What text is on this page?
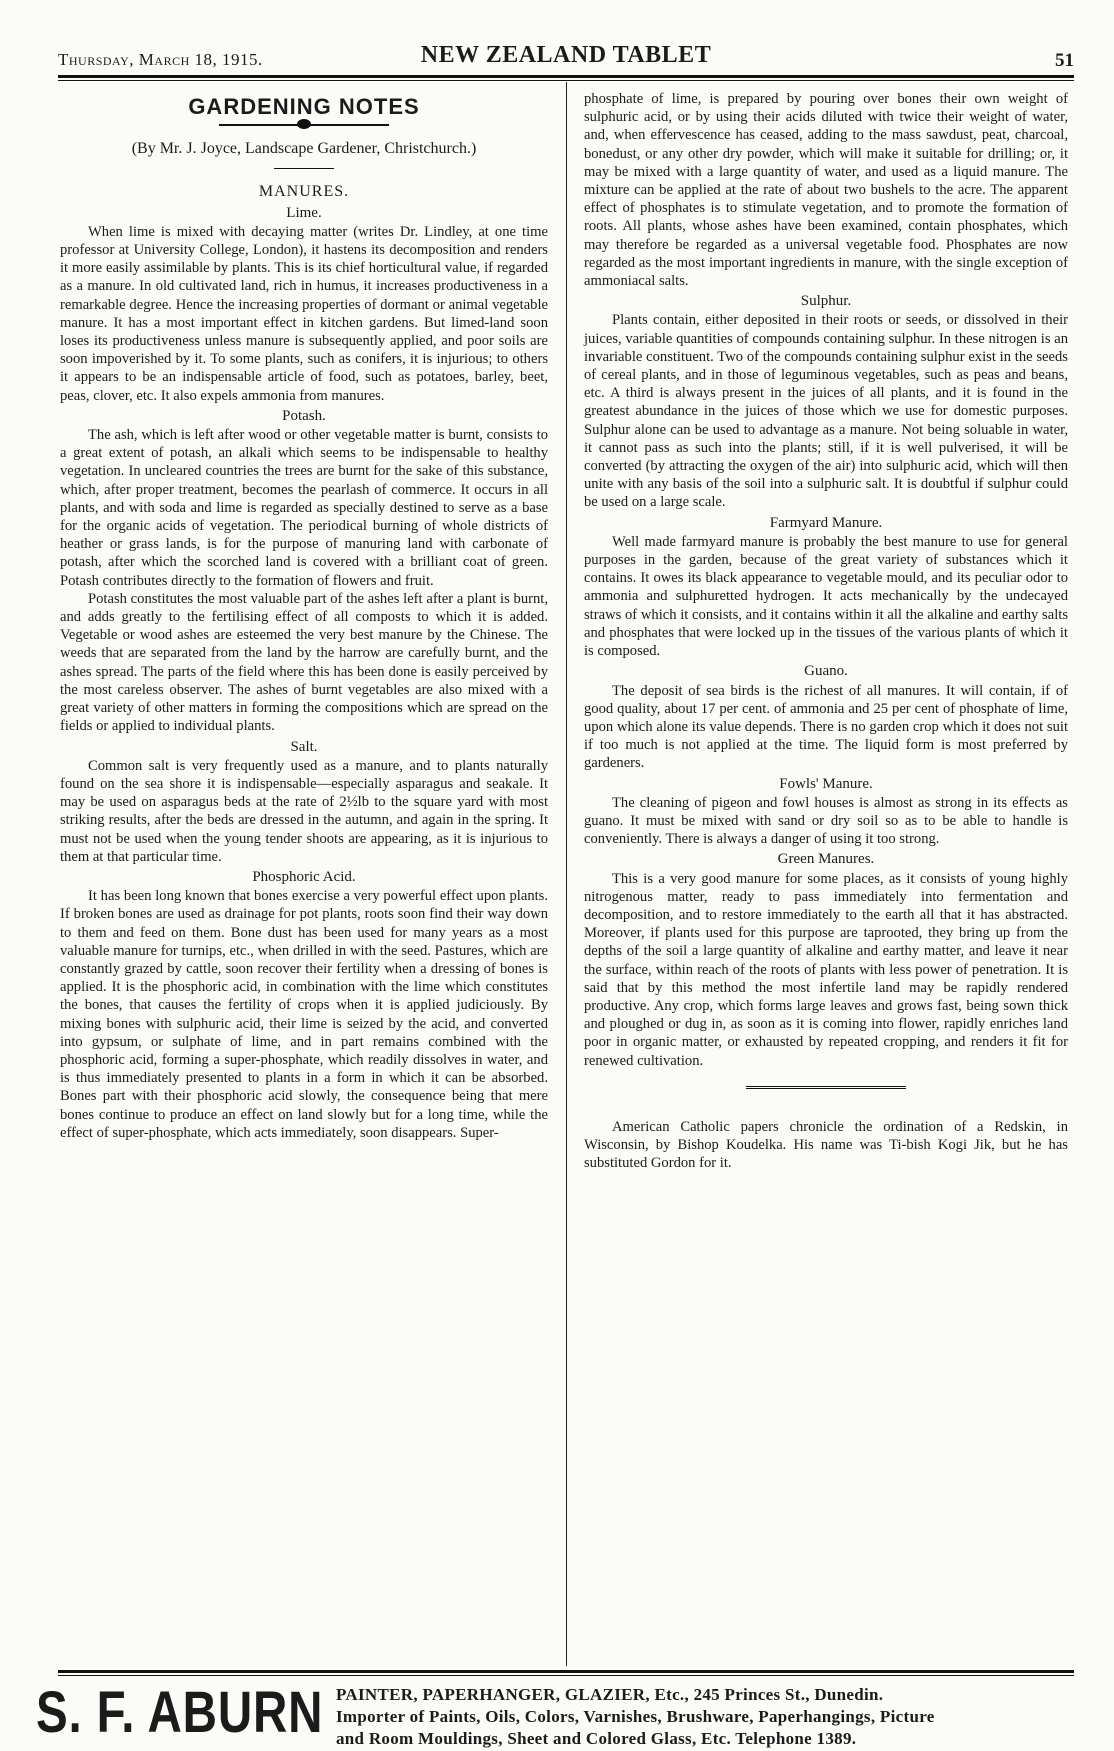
Thursday, March 18, 1915.	NEW ZEALAND TABLET	51
GARDENING NOTES
(By Mr. J. Joyce, Landscape Gardener, Christchurch.)
MANURES.
Lime.

When lime is mixed with decaying matter (writes Dr. Lindley, at one time professor at University College, London), it hastens its decomposition and renders it more easily assimilable by plants. This is its chief horticultural value, if regarded as a manure. In old cultivated land, rich in humus, it increases productiveness in a remarkable degree. Hence the increasing properties of dormant or animal vegetable manure. It has a most important effect in kitchen gardens. But limed-land soon loses its productiveness unless manure is subsequently applied, and poor soils are soon impoverished by it. To some plants, such as conifers, it is injurious; to others it appears to be an indispensable article of food, such as potatoes, barley, beet, peas, clover, etc. It also expels ammonia from manures.

Potash.

The ash, which is left after wood or other vegetable matter is burnt, consists to a great extent of potash, an alkali which seems to be indispensable to healthy vegetation. In uncleared countries the trees are burnt for the sake of this substance, which, after proper treatment, becomes the pearlash of commerce. It occurs in all plants, and with soda and lime is regarded as specially destined to serve as a base for the organic acids of vegetation. The periodical burning of whole districts of heather or grass lands, is for the purpose of manuring land with carbonate of potash, after which the scorched land is covered with a brilliant coat of green. Potash contributes directly to the formation of flowers and fruit.

Potash constitutes the most valuable part of the ashes left after a plant is burnt, and adds greatly to the fertilising effect of all composts to which it is added. Vegetable or wood ashes are esteemed the very best manure by the Chinese. The weeds that are separated from the land by the harrow are carefully burnt, and the ashes spread. The parts of the field where this has been done is easily perceived by the most careless observer. The ashes of burnt vegetables are also mixed with a great variety of other matters in forming the compositions which are spread on the fields or applied to individual plants.

Salt.

Common salt is very frequently used as a manure, and to plants naturally found on the sea shore it is indispensable—especially asparagus and seakale. It may be used on asparagus beds at the rate of 2½lb to the square yard with most striking results, after the beds are dressed in the autumn, and again in the spring. It must not be used when the young tender shoots are appearing, as it is injurious to them at that particular time.

Phosphoric Acid.

It has been long known that bones exercise a very powerful effect upon plants. If broken bones are used as drainage for pot plants, roots soon find their way down to them and feed on them. Bone dust has been used for many years as a most valuable manure for turnips, etc., when drilled in with the seed. Pastures, which are constantly grazed by cattle, soon recover their fertility when a dressing of bones is applied. It is the phosphoric acid, in combination with the lime which constitutes the bones, that causes the fertility of crops when it is applied judiciously. By mixing bones with sulphuric acid, their lime is seized by the acid, and converted into gypsum, or sulphate of lime, and in part remains combined with the phosphoric acid, forming a super-phosphate, which readily dissolves in water, and is thus immediately presented to plants in a form in which it can be absorbed. Bones part with their phosphoric acid slowly, the consequence being that mere bones continue to produce an effect on land slowly but for a long time, while the effect of super-phosphate, which acts immediately, soon disappears. Super-

phosphate of lime, is prepared by pouring over bones their own weight of sulphuric acid, or by using their acids diluted with twice their weight of water, and, when effervescence has ceased, adding to the mass sawdust, peat, charcoal, bonedust, or any other dry powder, which will make it suitable for drilling; or, it may be mixed with a large quantity of water, and used as a liquid manure. The mixture can be applied at the rate of about two bushels to the acre. The apparent effect of phosphates is to stimulate vegetation, and to promote the formation of roots. All plants, whose ashes have been examined, contain phosphates, which may therefore be regarded as a universal vegetable food. Phosphates are now regarded as the most important ingredients in manure, with the single exception of ammoniacal salts.

Sulphur.

Plants contain, either deposited in their roots or seeds, or dissolved in their juices, variable quantities of compounds containing sulphur. In these nitrogen is an invariable constituent. Two of the compounds containing sulphur exist in the seeds of cereal plants, and in those of leguminous vegetables, such as peas and beans, etc. A third is always present in the juices of all plants, and it is found in the greatest abundance in the juices of those which we use for domestic purposes. Sulphur alone can be used to advantage as a manure. Not being soluable in water, it cannot pass as such into the plants; still, if it is well pulverised, it will be converted (by attracting the oxygen of the air) into sulphuric acid, which will then unite with any basis of the soil into a sulphuric salt. It is doubtful if sulphur could be used on a large scale.

Farmyard Manure.

Well made farmyard manure is probably the best manure to use for general purposes in the garden, because of the great variety of substances which it contains. It owes its black appearance to vegetable mould, and its peculiar odor to ammonia and sulphuretted hydrogen. It acts mechanically by the undecayed straws of which it consists, and it contains within it all the alkaline and earthy salts and phosphates that were locked up in the tissues of the various plants of which it is composed.

Guano.

The deposit of sea birds is the richest of all manures. It will contain, if of good quality, about 17 per cent. of ammonia and 25 per cent of phosphate of lime, upon which alone its value depends. There is no garden crop which it does not suit if too much is not applied at the time. The liquid form is most preferred by gardeners.

Fowls' Manure.

The cleaning of pigeon and fowl houses is almost as strong in its effects as guano. It must be mixed with sand or dry soil so as to be able to handle is conveniently. There is always a danger of using it too strong.

Green Manures.

This is a very good manure for some places, as it consists of young highly nitrogenous matter, ready to pass immediately into fermentation and decomposition, and to restore immediately to the earth all that it has abstracted. Moreover, if plants used for this purpose are taprooted, they bring up from the depths of the soil a large quantity of alkaline and earthy matter, and leave it near the surface, within reach of the roots of plants with less power of penetration. It is said that by this method the most infertile land may be rapidly rendered productive. Any crop, which forms large leaves and grows fast, being sown thick and ploughed or dug in, as soon as it is coming into flower, rapidly enriches land poor in organic matter, or exhausted by repeated cropping, and renders it fit for renewed cultivation.

American Catholic papers chronicle the ordination of a Redskin, in Wisconsin, by Bishop Koudelka. His name was Ti-bish Kogi Jik, but he has substituted Gordon for it.

S. F. ABURN PAINTER, PAPERHANGER, GLAZIER, Etc., 245 Princes St., Dunedin.
Importer of Paints, Oils, Colors, Varnishes, Brushware, Paperhangings, Picture
and Room Mouldings, Sheet and Colored Glass, Etc. Telephone 1389.
